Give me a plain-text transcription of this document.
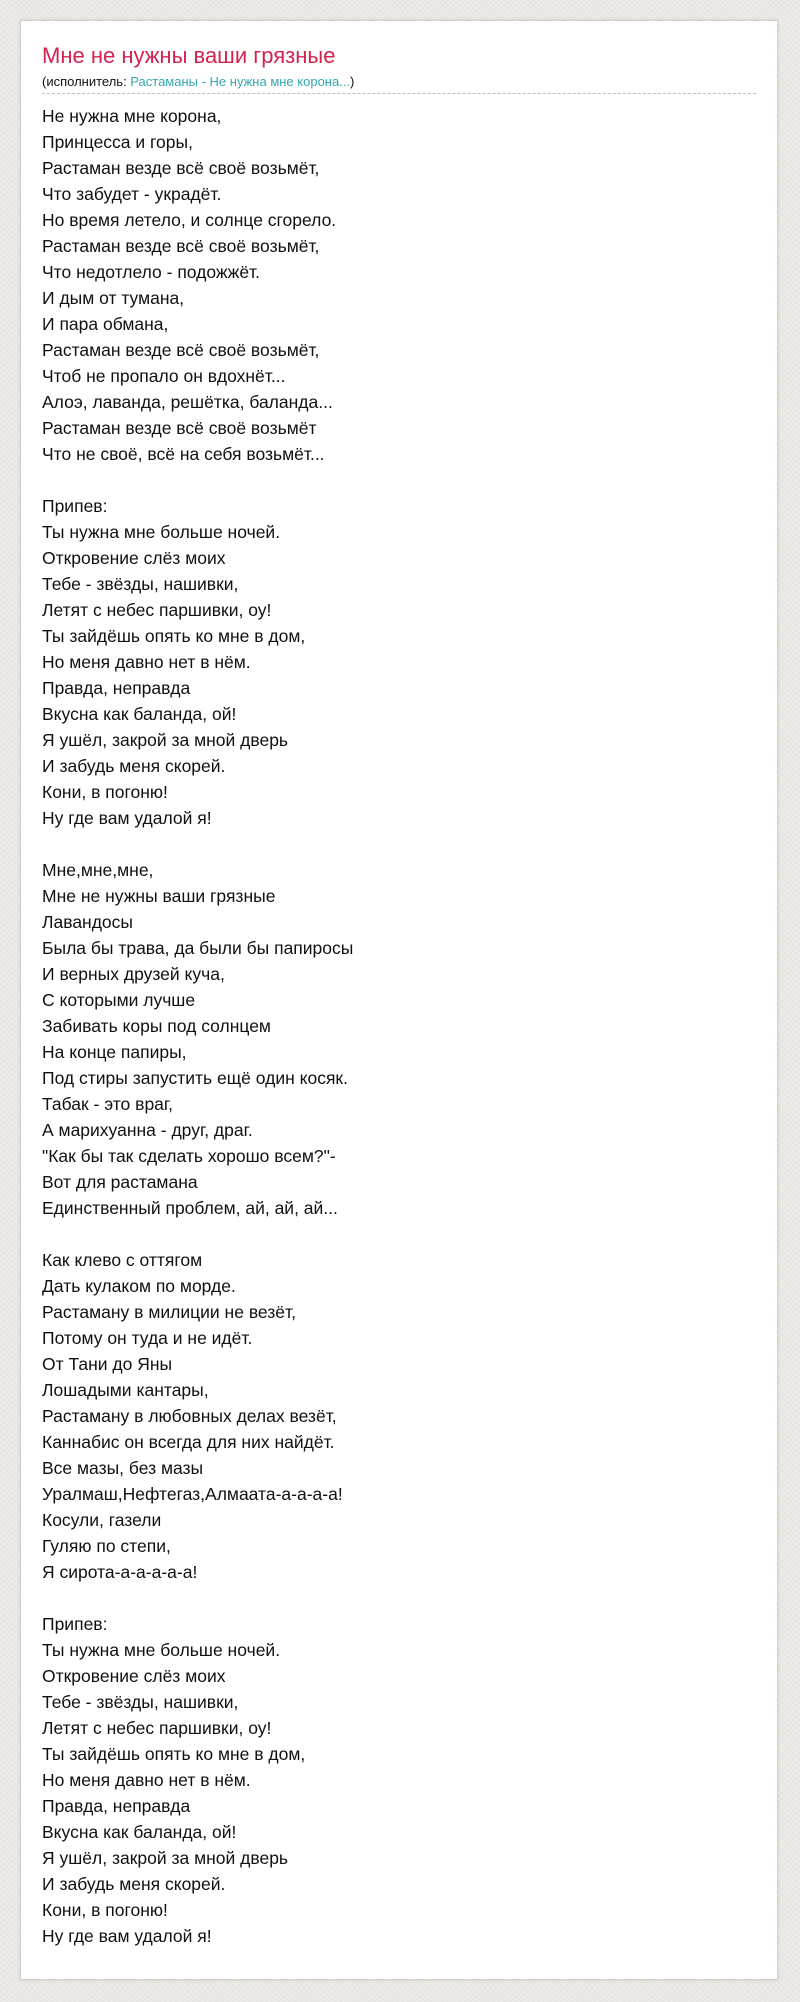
Мне не нужны ваши грязные
(исполнитель: Растаманы - Не нужна мне корона...)
Не нужна мне корона,
Принцесса и горы,
Растаман везде всё своё возьмёт,
Что забудет - украдёт.
Но время летело, и солнце сгорело.
Растаман везде всё своё возьмёт,
Что недотлело - подожжёт.
И дым от тумана,
И пара обмана,
Растаман везде всё своё возьмёт,
Чтоб не пропало он вдохнёт...
Алоэ, лаванда, решётка, баланда...
Растаман везде всё своё возьмёт
Что не своё, всё на себя возьмёт...
Припев:
Ты нужна мне больше ночей.
Откровение слёз моих
Тебе - звёзды, нашивки,
Летят с небес паршивки, оу!
Ты зайдёшь опять ко мне в дом,
Но меня давно нет в нём.
Правда, неправда
Вкусна как баланда, ой!
Я ушёл, закрой за мной дверь
И забудь меня скорей.
Кони, в погоню!
Ну где вам удалой я!
Мне,мне,мне,
Мне не нужны ваши грязные
Лавандосы
Была бы трава, да были бы папиросы
И верных друзей куча,
С которыми лучше
Забивать коры под солнцем
На конце папиры,
Под стиры запустить ещё один косяк.
Табак - это враг,
А марихуанна - друг, драг.
"Как бы так сделать хорошо всем?"-
Вот для растамана
Единственный проблем, ай, ай, ай...
Как клево с оттягом
Дать кулаком по морде.
Растаману в милиции не везёт,
Потому он туда и не идёт.
От Тани до Яны
Лошадыми кантары,
Растаману в любовных делах везёт,
Каннабис он всегда для них найдёт.
Все мазы, без мазы
Уралмаш,Нефтегаз,Алмаата-а-а-а-а!
Косули, газели
Гуляю по степи,
Я сирота-а-а-а-а-а!
Припев:
Ты нужна мне больше ночей.
Откровение слёз моих
Тебе - звёзды, нашивки,
Летят с небес паршивки, оу!
Ты зайдёшь опять ко мне в дом,
Но меня давно нет в нём.
Правда, неправда
Вкусна как баланда, ой!
Я ушёл, закрой за мной дверь
И забудь меня скорей.
Кони, в погоню!
Ну где вам удалой я!
